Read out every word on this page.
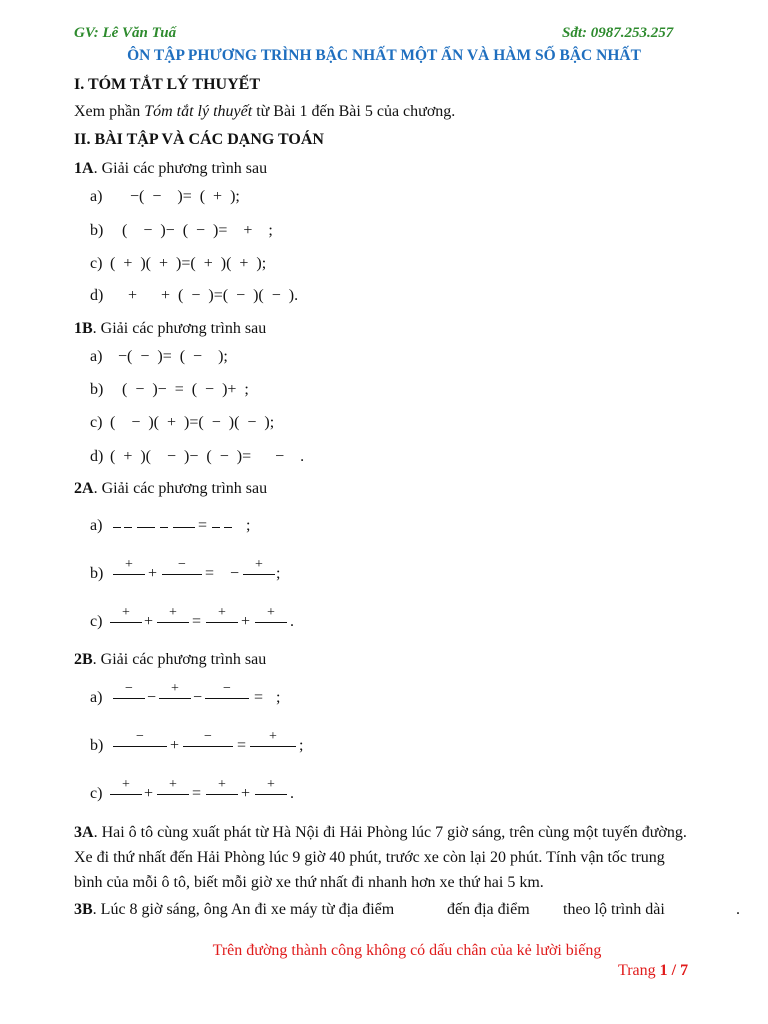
GV: Lê Văn Tuấ	Sđt: 0987.253.257
ÔN TẬP PHƯƠNG TRÌNH BẬC NHẤT MỘT ẨN VÀ HÀM SỐ BẬC NHẤT
I. TÓM TẮT LÝ THUYẾT
Xem phần Tóm tắt lý thuyết từ Bài 1 đến Bài 5 của chương.
II. BÀI TẬP VÀ CÁC DẠNG TOÁN
1A. Giải các phương trình sau
a) −(  −    )=  (  +  );
b) (    −  )−  (  −  )=    +    ;
c) (  +  )(  +  )=(  +  )(  +  );
d) +      +  (  −  )=(  −  )(  −  ).
1B. Giải các phương trình sau
a) −(  −  )=  (  −    );
b) (  −  )−  =  (  −  )+  ;
c) (    −  )(  +  )=(  −  )(  −  );
d) (  +  )(    −  )−  (  −  )=      −    .
2A. Giải các phương trình sau
a)	= ;
b)
+
+
−
= −
+
;
c)
+
+
+
=
+
+
+
.
2B. Giải các phương trình sau
a)
−
−
+
−
−
= ;
b)
−
+
−
=
+
;
c)
+
+
+
=
+
+
+
.
3A. Hai ô tô cùng xuất phát từ Hà Nội đi Hải Phòng lúc 7 giờ sáng, trên cùng một tuyến đường.
Xe đi thứ nhất đến Hải Phòng lúc 9 giờ 40 phút, trước xe còn lại 20 phút. Tính vận tốc trung
bình của mỗi ô tô, biết mỗi giờ xe thứ nhất đi nhanh hơn xe thứ hai 5 km.
3B. Lúc 8 giờ sáng, ông An đi xe máy từ địa điểm	đến địa điểm theo lộ trình dài	.
Trên đường thành công không có dấu chân của kẻ lười biếng
Trang 1 / 7
